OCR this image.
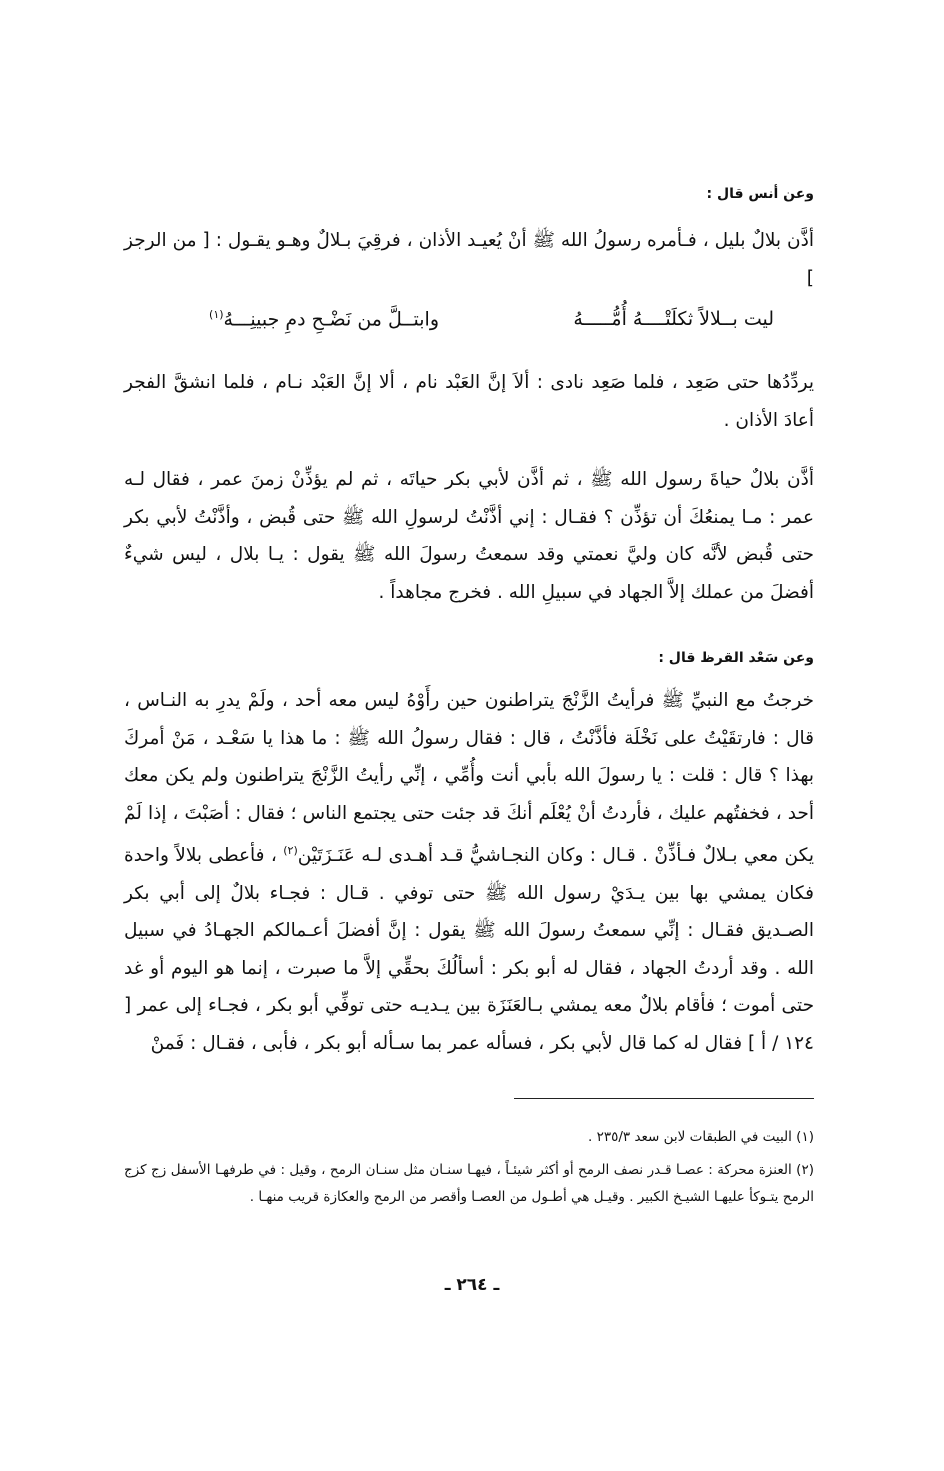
وعن أنس قال :
أذَّن بلالٌ بليل ، فـأمره رسولُ الله ﷺ أنْ يُعيـد الأذان ، فرقِيَ بـلالٌ وهـو يقـول : [ من الرجز ]
ليت بــلالاً ثكلَتْــــهُ أُمُّـــــهُ
وابتــلَّ من نَضْـحِ دمِ جبينِـــهُ$^{(١)}$
يردِّدُها حتى صَعِد ، فلما صَعِد نادى : ألاَ إنَّ العَبْد نام ، ألا إنَّ العَبْد نـام ، فلما انشقَّ الفجر أعادَ الأذان .
أذَّن بلالٌ حياةَ رسول الله ﷺ ، ثم أذَّن لأبي بكر حياتَه ، ثم لم يؤذِّنْ زمنَ عمر ، فقال لـه عمر : مـا يمنعُكَ أن تؤذِّن ؟ فقـال : إني أذَّنْتُ لرسولِ الله ﷺ حتى قُبض ، وأذَّنْتُ لأبي بكر حتى قُبض لأنَّه كان وليَّ نعمتي وقد سمعتُ رسولَ الله ﷺ يقول : يـا بلال ، ليس شيءٌ أفضلَ من عملك إلاَّ الجهاد في سبيلِ الله . فخرج مجاهداً .
وعن سَعْد القرظ قال :
خرجتُ مع النبيِّ ﷺ فرأيتُ الزَّنْجَ يتراطنون حين رأَوْهُ ليس معه أحد ، ولَمْ يدرِ به النـاس ، قال : فارتقَيْتُ على نَخْلَة فأذَّنْتُ ، قال : فقال رسولُ الله ﷺ : ما هذا يا سَعْـد ، مَنْ أمركَ بهذا ؟ قال : قلت : يا رسولَ الله بأبي أنت وأُمِّي ، إنِّي رأيتُ الزَّنْجَ يتراطنون ولم يكن معك أحد ، فخفتُهم عليك ، فأردتُ أنْ يُعْلَم أنكَ قد جئت حتى يجتمع الناس ؛ فقال : أصَبْتَ ، إذا لَمْ يكن معي بـلالٌ فـأذِّنْ . قـال : وكان النجـاشيُّ قـد أهـدى لـه عَنَـزَتَيْن$^{(٢)}$ ، فأعطى بلالاً واحدة فكان يمشي بها بين يـدَيْ رسول الله ﷺ حتى توفي . قـال : فجـاء بلالٌ إلى أبي بكر الصـديق فقـال : إنِّي سمعتُ رسولَ الله ﷺ يقول : إنَّ أفضلَ أعـمالكم الجهـادُ في سبيل الله . وقد أردتُ الجهاد ، فقال له أبو بكر : أسألُكَ بحقِّي إلاَّ ما صبرت ، إنما هو اليوم أو غد حتى أموت ؛ فأقام بلالٌ معه يمشي بـالعَنَزَة بين يـديـه حتى توفِّي أبو بكر ، فجـاء إلى عمر [ ١٢٤ / أ ] فقال له كما قال لأبي بكر ، فسأله عمر بما سـأله أبو بكر ، فأبى ، فقـال : فَمنْ
(١) البيت في الطبقات لابن سعد ٢٣٥/٣ .
(٢) العنزة محركة : عصـا قـدر نصف الرمح أو أكثر شيئـاً ، فيهـا سنـان مثل سنـان الرمح ، وقيل : في طرفهـا الأسفل زج كزج الرمح يتـوكأ عليهـا الشيـخ الكبير . وقيـل هي أطـول من العصـا وأقصر من الرمح والعكازة قريب منهـا .
ـ ٢٦٤ ـ
